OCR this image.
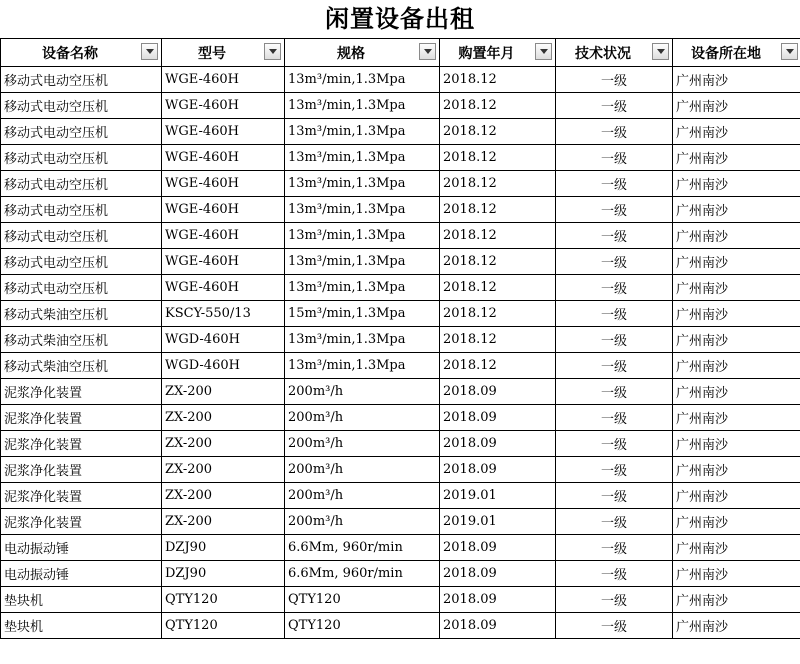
闲置设备出租
设备名称	型号	规格	购置年月	技术状况	设备所在地

移动式电动空压机	WGE-460H	13m³/min,1.3Mpa	2018.12	一级	广州南沙
移动式电动空压机	WGE-460H	13m³/min,1.3Mpa	2018.12	一级	广州南沙
移动式电动空压机	WGE-460H	13m³/min,1.3Mpa	2018.12	一级	广州南沙
移动式电动空压机	WGE-460H	13m³/min,1.3Mpa	2018.12	一级	广州南沙
移动式电动空压机	WGE-460H	13m³/min,1.3Mpa	2018.12	一级	广州南沙
移动式电动空压机	WGE-460H	13m³/min,1.3Mpa	2018.12	一级	广州南沙
移动式电动空压机	WGE-460H	13m³/min,1.3Mpa	2018.12	一级	广州南沙
移动式电动空压机	WGE-460H	13m³/min,1.3Mpa	2018.12	一级	广州南沙
移动式电动空压机	WGE-460H	13m³/min,1.3Mpa	2018.12	一级	广州南沙
移动式柴油空压机	KSCY-550/13	15m³/min,1.3Mpa	2018.12	一级	广州南沙
移动式柴油空压机	WGD-460H	13m³/min,1.3Mpa	2018.12	一级	广州南沙
移动式柴油空压机	WGD-460H	13m³/min,1.3Mpa	2018.12	一级	广州南沙
泥浆净化装置	ZX-200	200m³/h	2018.09	一级	广州南沙
泥浆净化装置	ZX-200	200m³/h	2018.09	一级	广州南沙
泥浆净化装置	ZX-200	200m³/h	2018.09	一级	广州南沙
泥浆净化装置	ZX-200	200m³/h	2018.09	一级	广州南沙
泥浆净化装置	ZX-200	200m³/h	2019.01	一级	广州南沙
泥浆净化装置	ZX-200	200m³/h	2019.01	一级	广州南沙
电动振动锤	DZJ90	6.6Mm, 960r/min	2018.09	一级	广州南沙
电动振动锤	DZJ90	6.6Mm, 960r/min	2018.09	一级	广州南沙
垫块机	QTY120	QTY120	2018.09	一级	广州南沙
垫块机	QTY120	QTY120	2018.09	一级	广州南沙
